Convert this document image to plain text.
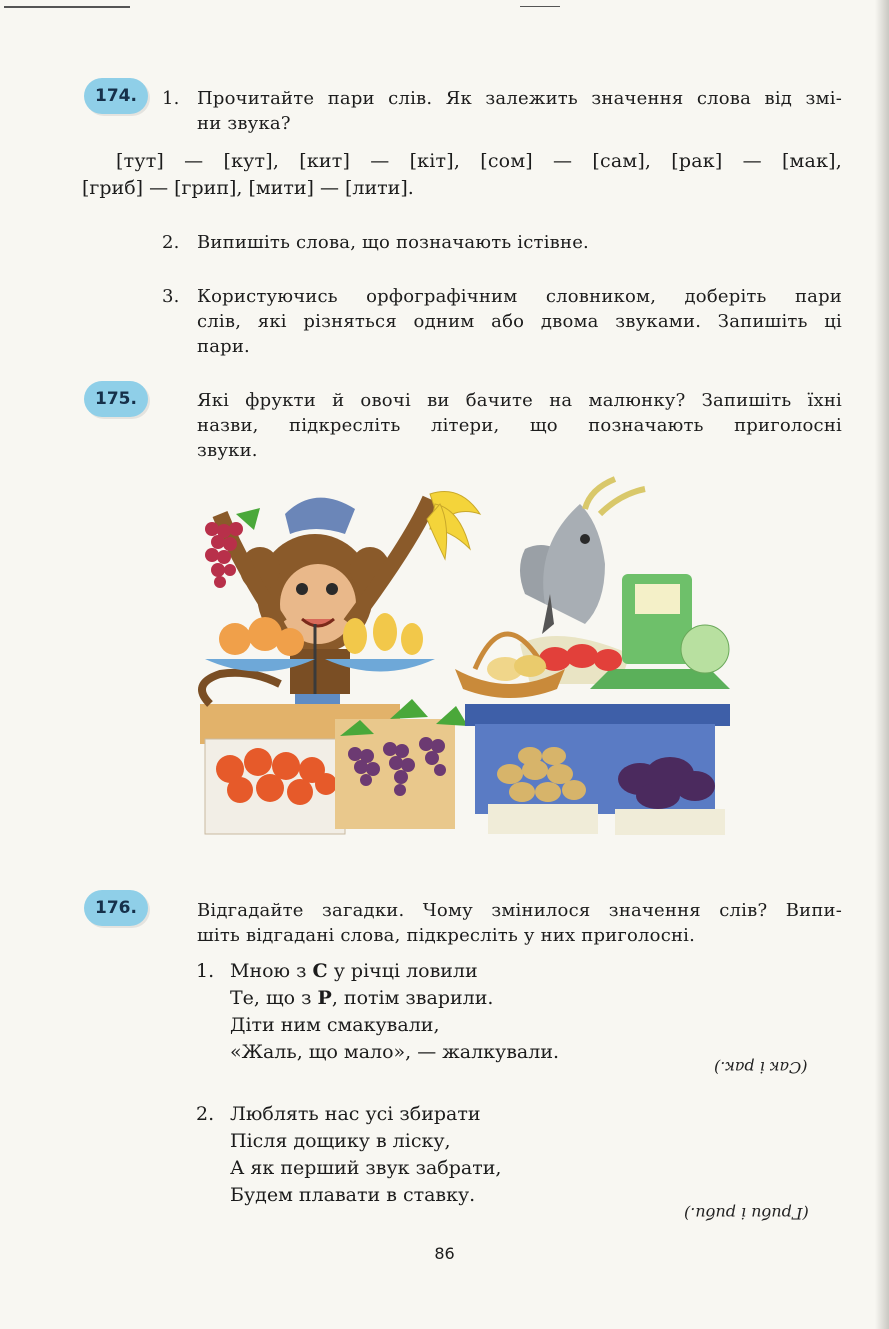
174.	1. Прочитайте пари слів. Як залежить значення слова від змі-
ни звука?
[тут] — [кут], [кит] — [кіт], [сом] — [сам], [рак] — [мак],
[гриб] — [грип], [мити] — [лити].
2. Випишіть слова, що позначають істівне.
3. Користуючись орфографічним словником, доберіть пари
слів, які різняться одним або двома звуками. Запишіть ці
пари.
175.	Які фрукти й овочі ви бачите на малюнку? Запишіть їхні
назви, підкресліть літери, що позначають приголосні
звуки.
176.	Відгадайте загадки. Чому змінилося значення слів? Випи-
шіть відгадані слова, підкресліть у них приголосні.
1. Мною з С у річці ловили
Те, що з Р, потім зварили.
Діти ним смакували,
«Жаль, що мало», — жалкували.
(Сак і рак.)
2. Люблять нас усі збирати
Після дощику в ліску,
А як перший звук забрати,
Будем плавати в ставку.
(Гриби і риби.)
86
